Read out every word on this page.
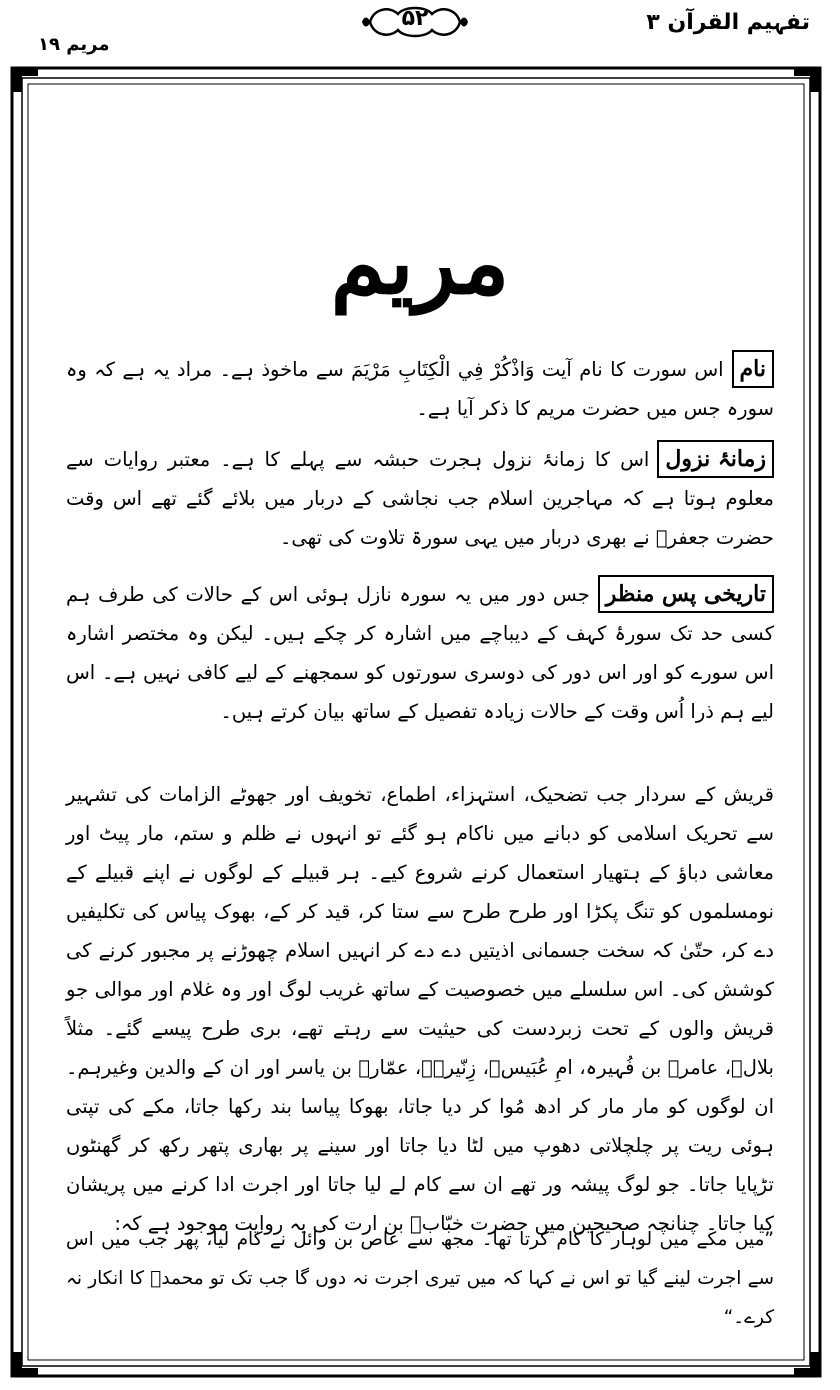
تفہیم القرآن ۳
۵۲
مریم ۱۹
مریم
نام
اس سورت کا نام آیت وَاذْكُرْ فِي الْكِتَابِ مَرْيَمَ سے ماخوذ ہے۔ مراد یہ ہے کہ وہ سورہ جس میں حضرت مریم کا ذکر آیا ہے۔
زمانۂ نزول
اس کا زمانۂ نزول ہجرت حبشہ سے پہلے کا ہے۔ معتبر روایات سے معلوم ہوتا ہے کہ مہاجرین اسلام جب نجاشی کے دربار میں بلائے گئے تھے اس وقت حضرت جعفرؓ نے بھری دربار میں یہی سورۃ تلاوت کی تھی۔
تاریخی پس منظر
جس دور میں یہ سورہ نازل ہوئی اس کے حالات کی طرف ہم کسی حد تک سورۂ کہف کے دیباچے میں اشارہ کر چکے ہیں۔ لیکن وہ مختصر اشارہ اس سورے کو اور اس دور کی دوسری سورتوں کو سمجھنے کے لیے کافی نہیں ہے۔ اس لیے ہم ذرا اُس وقت کے حالات زیادہ تفصیل کے ساتھ بیان کرتے ہیں۔
قریش کے سردار جب تضحیک، استہزاء، اطماع، تخویف اور جھوٹے الزامات کی تشہیر سے تحریک اسلامی کو دبانے میں ناکام ہو گئے تو انہوں نے ظلم و ستم، مار پیٹ اور معاشی دباؤ کے ہتھیار استعمال کرنے شروع کیے۔ ہر قبیلے کے لوگوں نے اپنے قبیلے کے نومسلموں کو تنگ پکڑا اور طرح طرح سے ستا کر، قید کر کے، بھوک پیاس کی تکلیفیں دے کر، حتّیٰ کہ سخت جسمانی اذیتیں دے دے کر انہیں اسلام چھوڑنے پر مجبور کرنے کی کوشش کی۔ اس سلسلے میں خصوصیت کے ساتھ غریب لوگ اور وہ غلام اور موالی جو قریش والوں کے تحت زبردست کی حیثیت سے رہتے تھے، بری طرح پیسے گئے۔ مثلاً بلالؓ، عامرؓ بن فُہیرہ، امِ عُبَیسؓ، زِنّیرہؓ، عمّارؓ بن یاسر اور ان کے والدین وغیرہم۔ ان لوگوں کو مار مار کر ادھ مُوا کر دیا جاتا، بھوکا پیاسا بند رکھا جاتا، مکے کی تپتی ہوئی ریت پر چلچلاتی دھوپ میں لٹا دیا جاتا اور سینے پر بھاری پتھر رکھ کر گھنٹوں تڑپایا جاتا۔ جو لوگ پیشہ ور تھے ان سے کام لے لیا جاتا اور اجرت ادا کرنے میں پریشان کیا جاتا۔ چنانچہ صحیحین میں حضرت خبّابؓ بن ارت کی یہ روایت موجود ہے کہ:
”میں مکے میں لوہار کا کام کرتا تھا۔ مجھ سے عاص بن وائل نے کام لیا، پھر جب میں اس سے اجرت لینے گیا تو اس نے کہا کہ میں تیری اجرت نہ دوں گا جب تک تو محمدؐ کا انکار نہ کرے۔“
